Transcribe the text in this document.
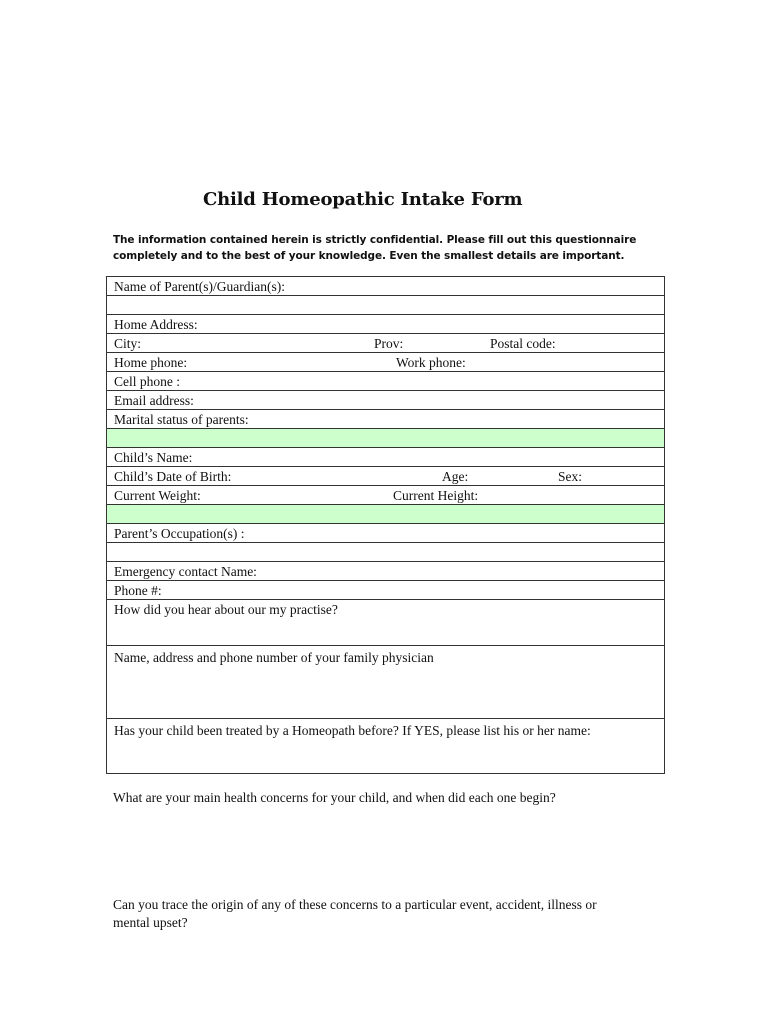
Child Homeopathic Intake Form
The information contained herein is strictly confidential. Please fill out this questionnaire
completely and to the best of your knowledge. Even the smallest details are important.
Name of Parent(s)/Guardian(s):
Home Address:
City:	Prov:	Postal code:
Home phone:	Work phone:
Cell phone :
Email address:
Marital status of parents:
Child’s Name:
Child’s Date of Birth:	Age:	Sex:
Current Weight:	Current Height:
Parent’s Occupation(s) :
Emergency contact Name:
Phone #:
How did you hear about our my practise?
Name, address and phone number of your family physician
Has your child been treated by a Homeopath before? If YES, please list his or her name:
What are your main health concerns for your child, and when did each one begin?
Can you trace the origin of any of these concerns to a particular event, accident, illness or
mental upset?
